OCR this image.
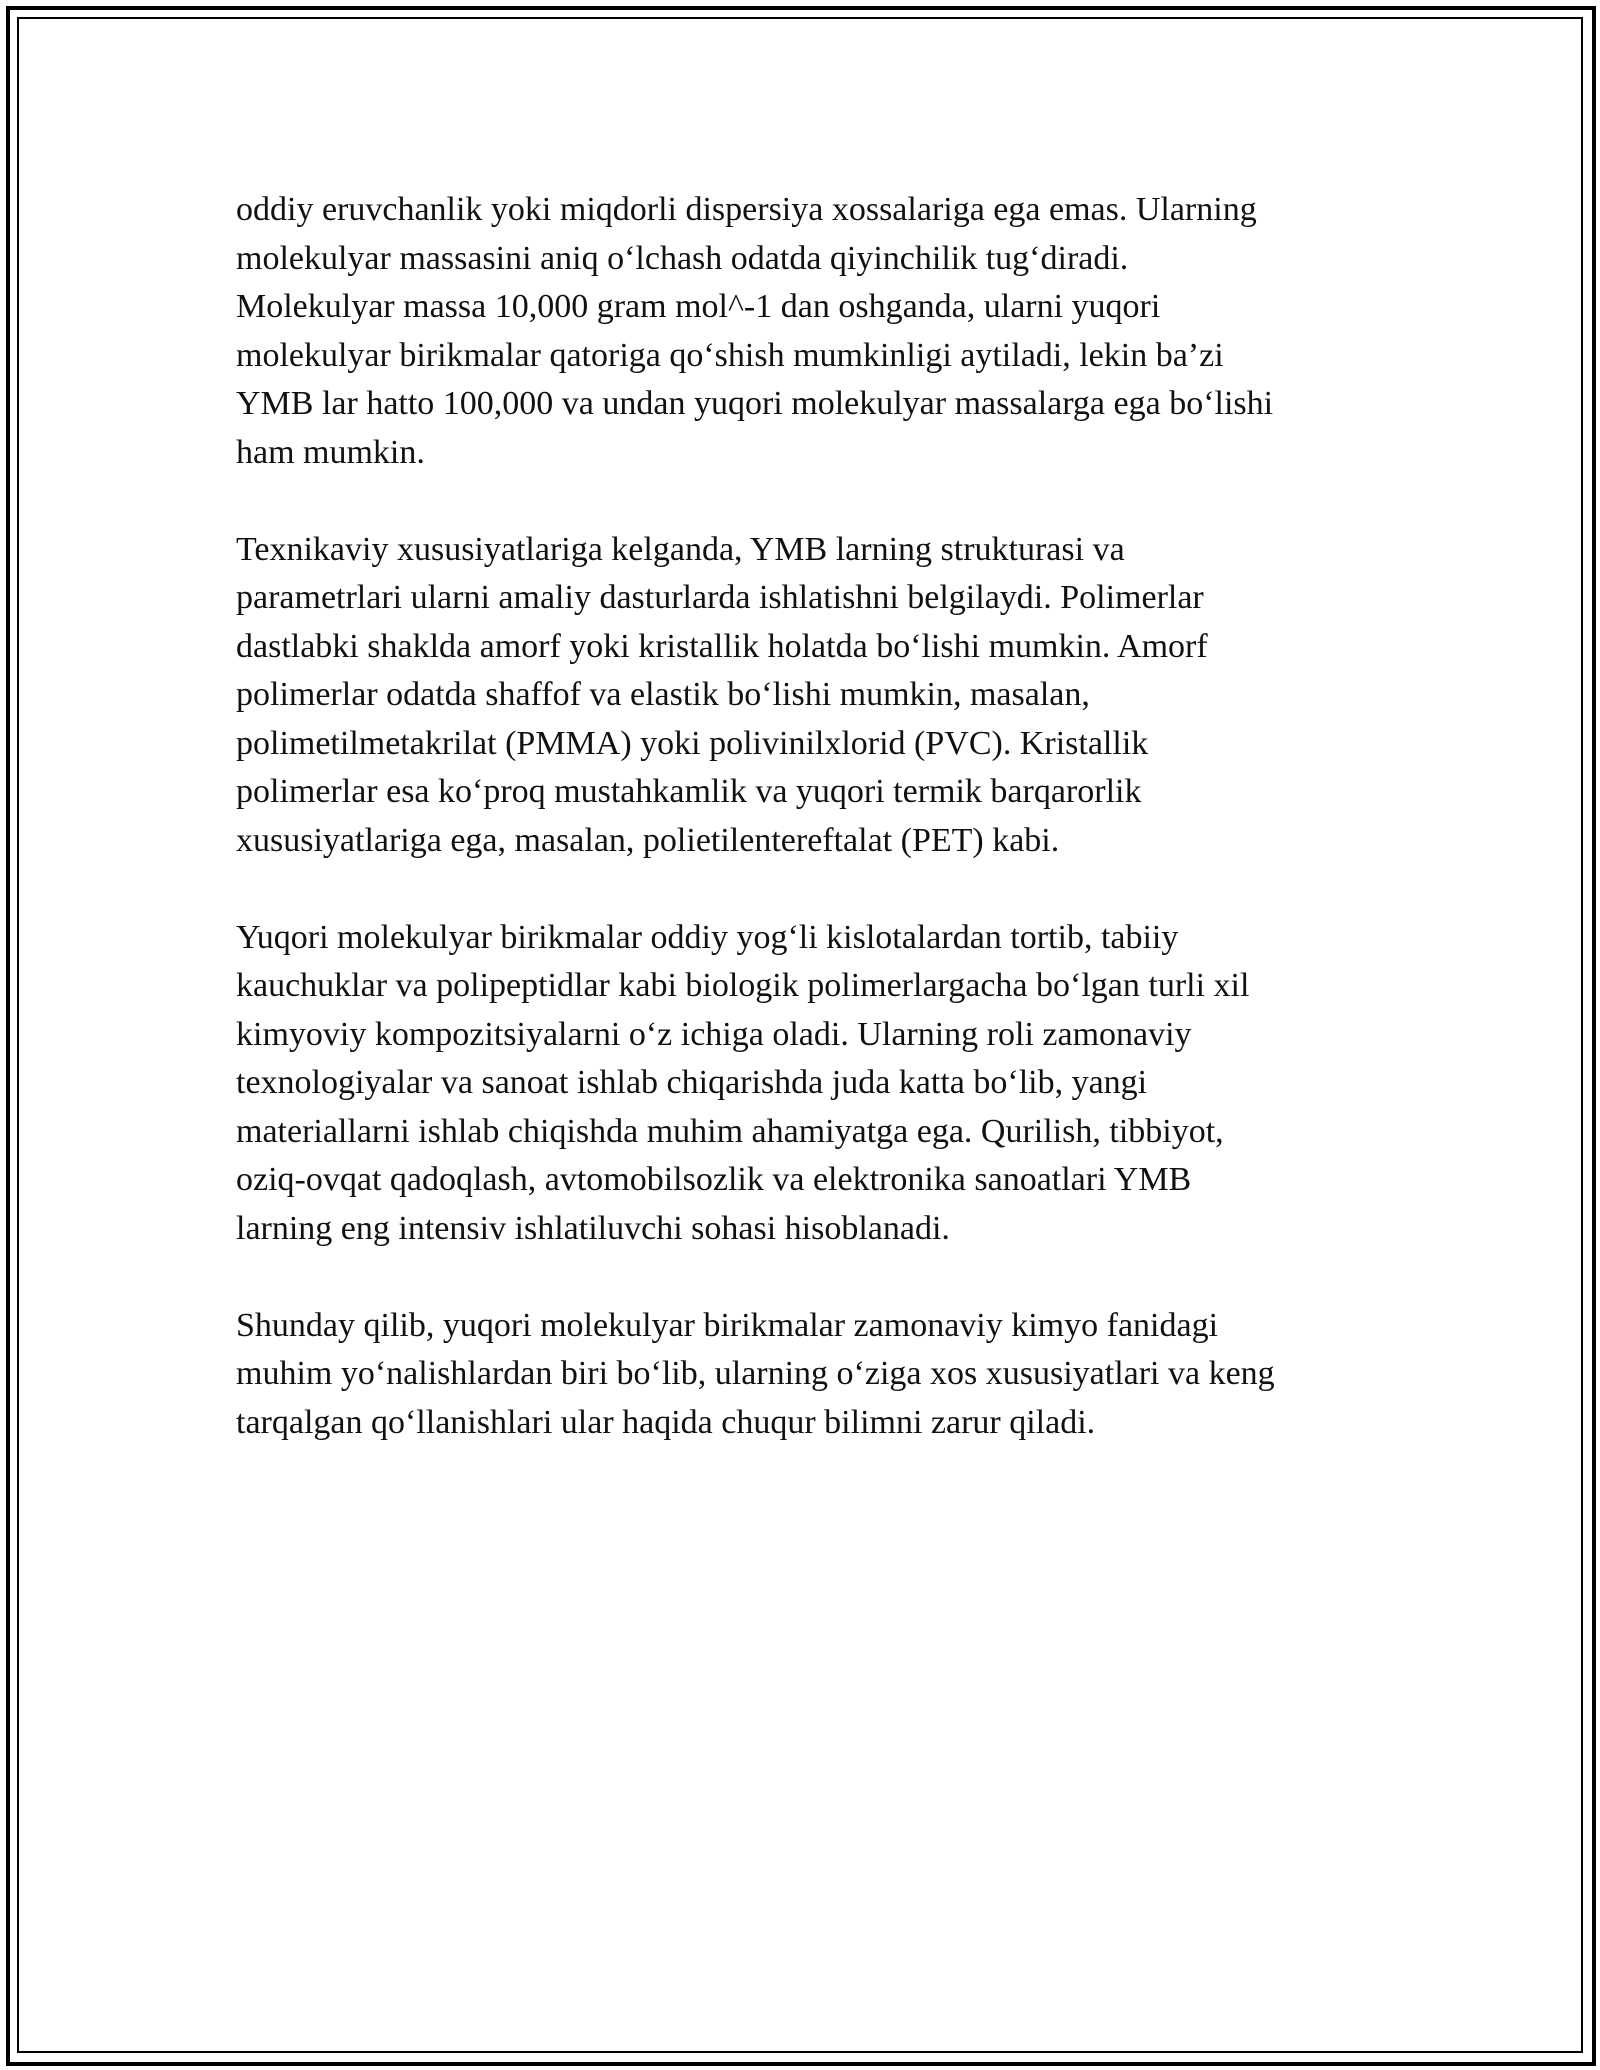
oddiy eruvchanlik yoki miqdorli dispersiya xossalariga ega emas. Ularning
molekulyar massasini aniq o‘lchash odatda qiyinchilik tug‘diradi.
Molekulyar massa 10,000 gram mol^-1 dan oshganda, ularni yuqori
molekulyar birikmalar qatoriga qo‘shish mumkinligi aytiladi, lekin ba’zi
YMB lar hatto 100,000 va undan yuqori molekulyar massalarga ega bo‘lishi
ham mumkin.

Texnikaviy xususiyatlariga kelganda, YMB larning strukturasi va
parametrlari ularni amaliy dasturlarda ishlatishni belgilaydi. Polimerlar
dastlabki shaklda amorf yoki kristallik holatda bo‘lishi mumkin. Amorf
polimerlar odatda shaffof va elastik bo‘lishi mumkin, masalan,
polimetilmetakrilat (PMMA) yoki polivinilxlorid (PVC). Kristallik
polimerlar esa ko‘proq mustahkamlik va yuqori termik barqarorlik
xususiyatlariga ega, masalan, polietilentereftalat (PET) kabi.

Yuqori molekulyar birikmalar oddiy yog‘li kislotalardan tortib, tabiiy
kauchuklar va polipeptidlar kabi biologik polimerlargacha bo‘lgan turli xil
kimyoviy kompozitsiyalarni o‘z ichiga oladi. Ularning roli zamonaviy
texnologiyalar va sanoat ishlab chiqarishda juda katta bo‘lib, yangi
materiallarni ishlab chiqishda muhim ahamiyatga ega. Qurilish, tibbiyot,
oziq-ovqat qadoqlash, avtomobilsozlik va elektronika sanoatlari YMB
larning eng intensiv ishlatiluvchi sohasi hisoblanadi.

Shunday qilib, yuqori molekulyar birikmalar zamonaviy kimyo fanidagi
muhim yo‘nalishlardan biri bo‘lib, ularning o‘ziga xos xususiyatlari va keng
tarqalgan qo‘llanishlari ular haqida chuqur bilimni zarur qiladi.
